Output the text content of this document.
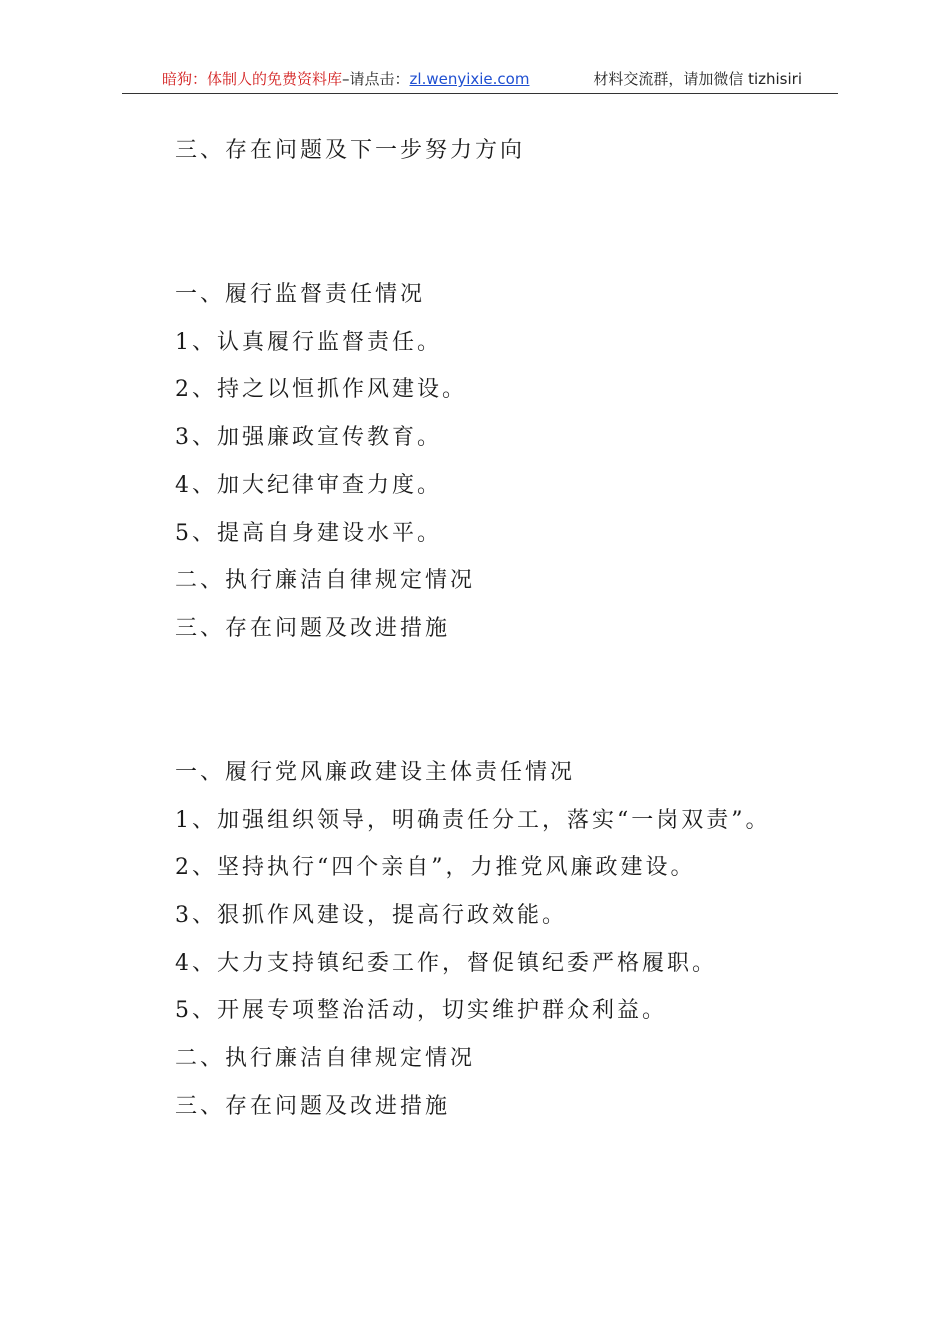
暗狗：体制人的免费资料库–请点击：zl.wenyixie.com	材料交流群，请加微信 tizhisiri
三、存在问题及下一步努力方向
一、履行监督责任情况
1、认真履行监督责任。
2、持之以恒抓作风建设。
3、加强廉政宣传教育。
4、加大纪律审查力度。
5、提高自身建设水平。
二、执行廉洁自律规定情况
三、存在问题及改进措施
一、履行党风廉政建设主体责任情况
1、加强组织领导，明确责任分工，落实“一岗双责”。
2、坚持执行“四个亲自”，力推党风廉政建设。
3、狠抓作风建设，提高行政效能。
4、大力支持镇纪委工作，督促镇纪委严格履职。
5、开展专项整治活动，切实维护群众利益。
二、执行廉洁自律规定情况
三、存在问题及改进措施
